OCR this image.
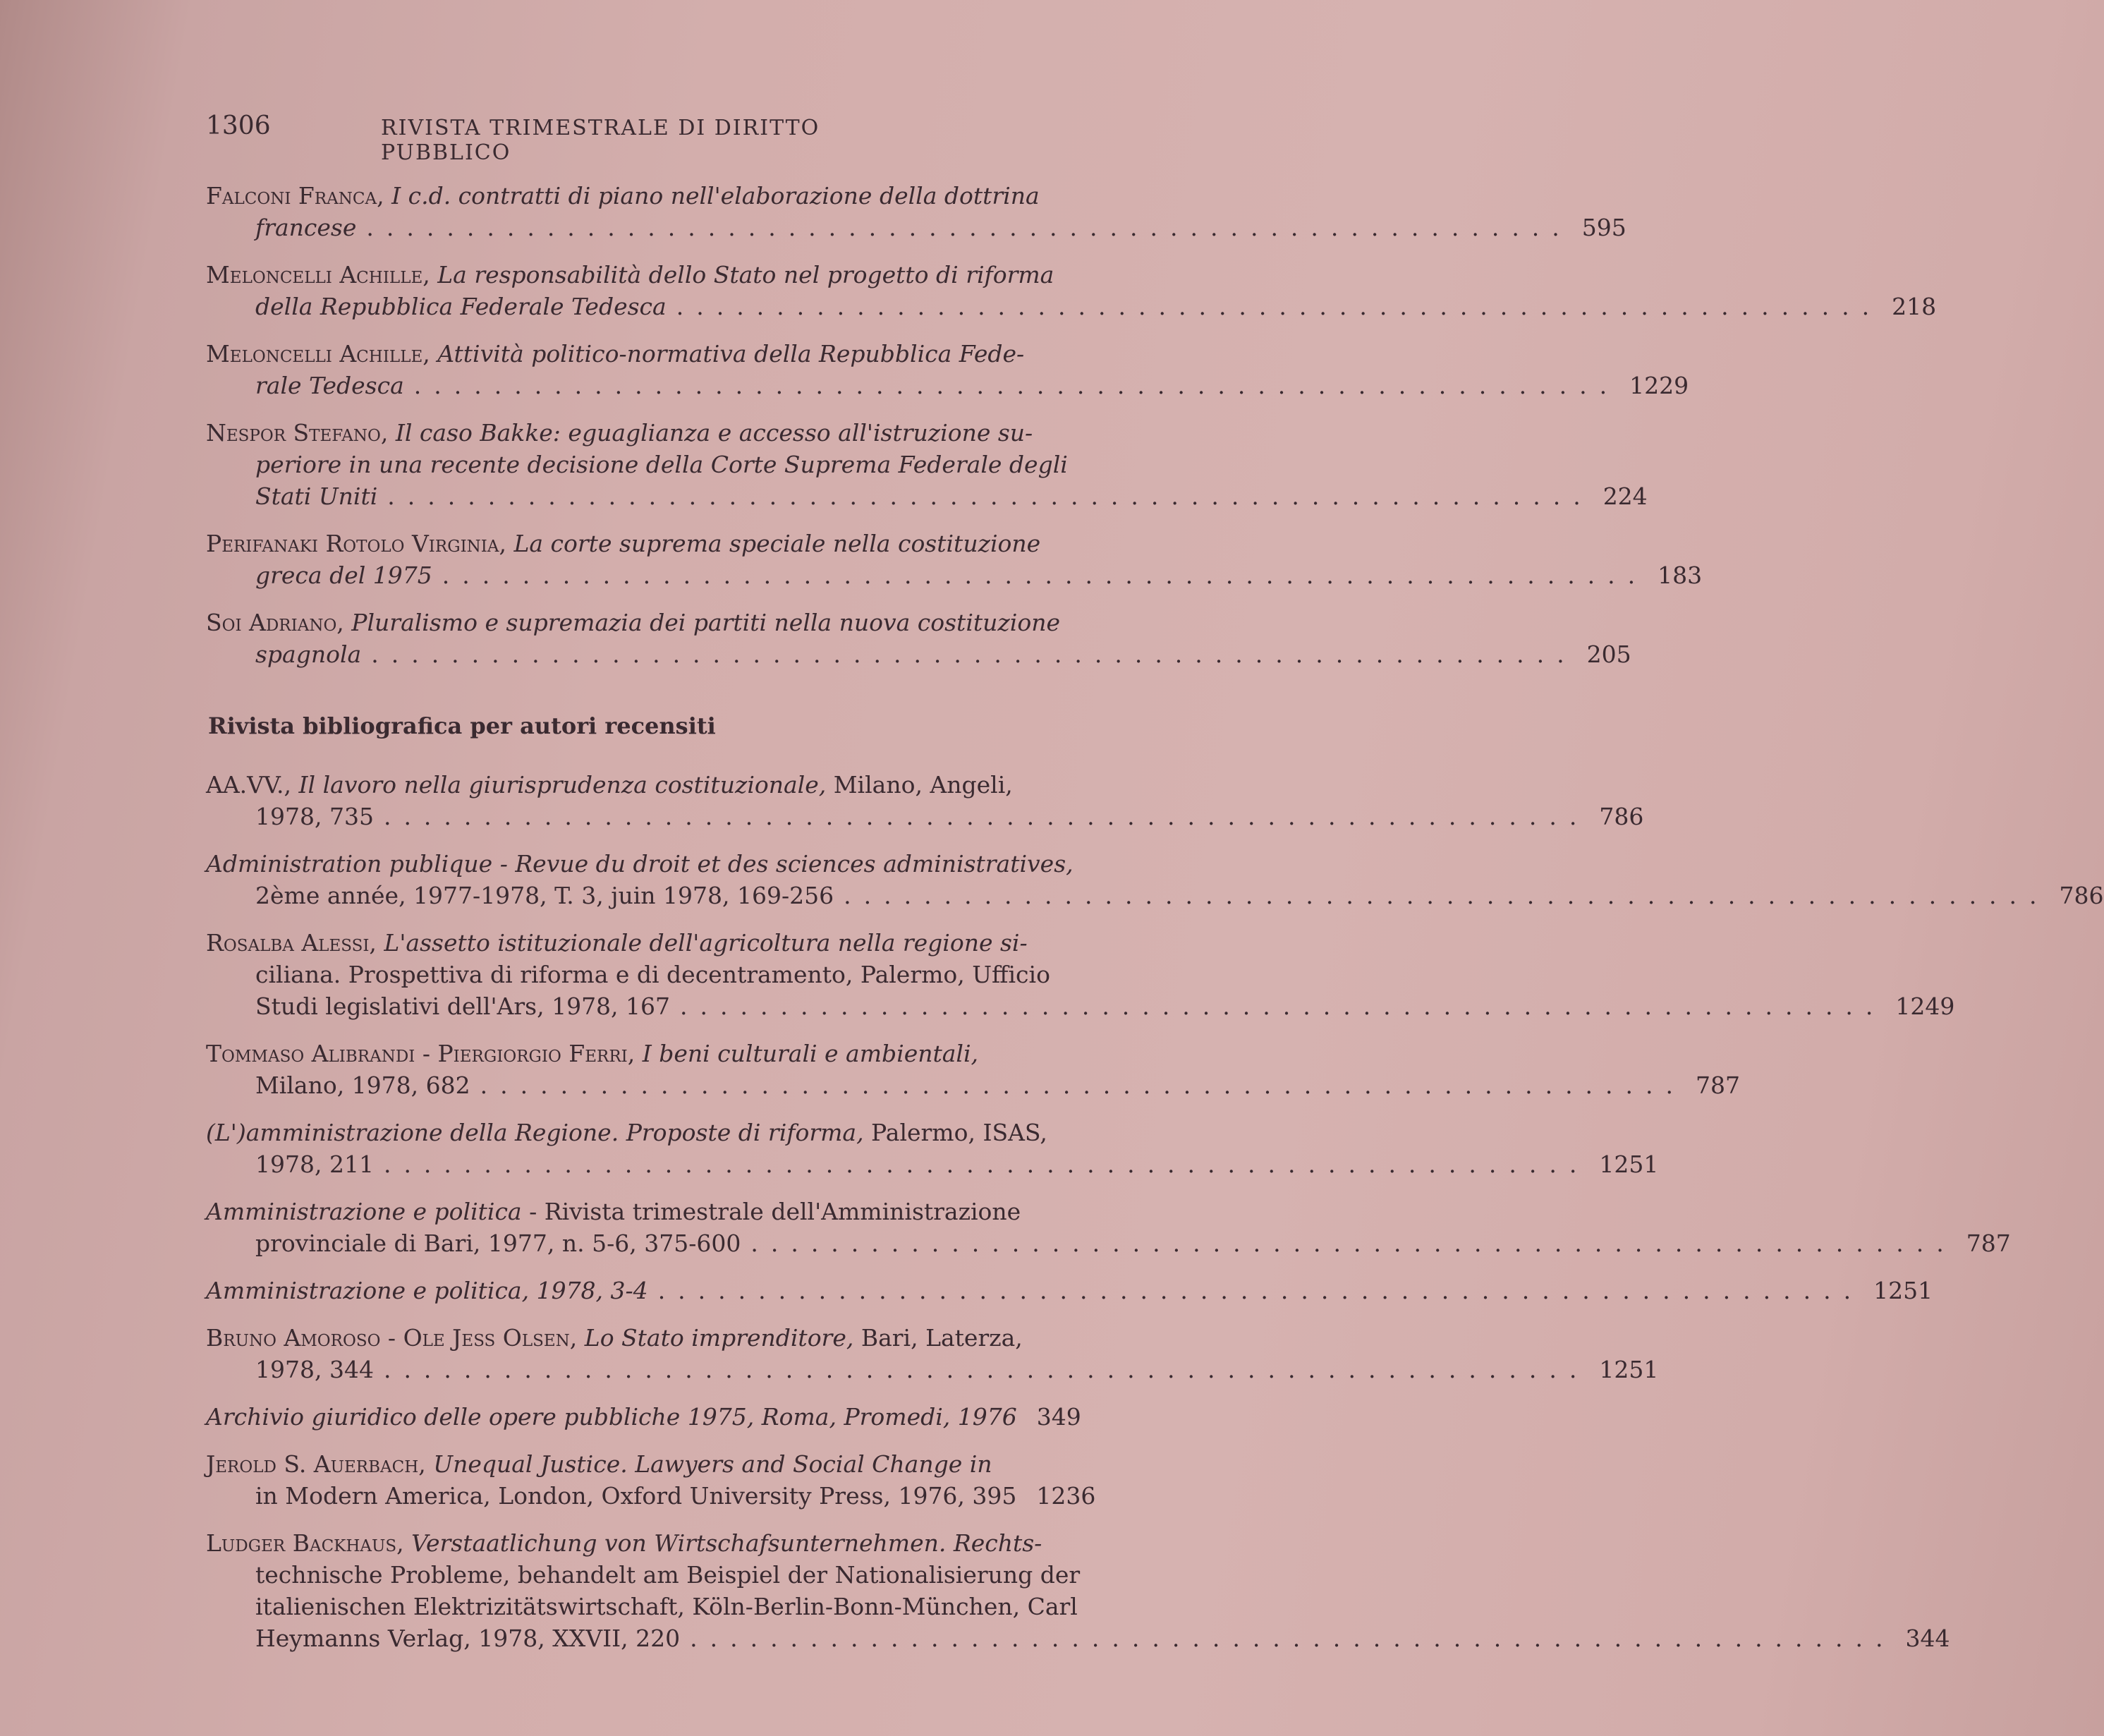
1306	RIVISTA TRIMESTRALE DI DIRITTO PUBBLICO
Falconi Franca, I c.d. contratti di piano nell'elaborazione della dottrina
francese ............................................................ 595
Meloncelli Achille, La responsabilità dello Stato nel progetto di riforma
della Repubblica Federale Tedesca ............................................................ 218
Meloncelli Achille, Attività politico-normativa della Repubblica Fede-
rale Tedesca ............................................................ 1229
Nespor Stefano, Il caso Bakke: eguaglianza e accesso all'istruzione su-
periore in una recente decisione della Corte Suprema Federale degli
Stati Uniti ............................................................ 224
Perifanaki Rotolo Virginia, La corte suprema speciale nella costituzione
greca del 1975 ............................................................ 183
Soi Adriano, Pluralismo e supremazia dei partiti nella nuova costituzione
spagnola ............................................................ 205
Rivista bibliografica per autori recensiti
AA.VV., Il lavoro nella giurisprudenza costituzionale, Milano, Angeli,
1978, 735 ............................................................ 786
Administration publique - Revue du droit et des sciences administratives,
2ème année, 1977-1978, T. 3, juin 1978, 169-256 ............................................................ 786
Rosalba Alessi, L'assetto istituzionale dell'agricoltura nella regione si-
ciliana. Prospettiva di riforma e di decentramento, Palermo, Ufficio
Studi legislativi dell'Ars, 1978, 167 ............................................................ 1249
Tommaso Alibrandi - Piergiorgio Ferri, I beni culturali e ambientali,
Milano, 1978, 682 ............................................................ 787
(L')amministrazione della Regione. Proposte di riforma, Palermo, ISAS,
1978, 211 ............................................................ 1251
Amministrazione e politica - Rivista trimestrale dell'Amministrazione
provinciale di Bari, 1977, n. 5-6, 375-600 ............................................................ 787
Amministrazione e politica, 1978, 3-4 ............................................................ 1251
Bruno Amoroso - Ole Jess Olsen, Lo Stato imprenditore, Bari, Laterza,
1978, 344 ............................................................ 1251
Archivio giuridico delle opere pubbliche 1975, Roma, Promedi, 1976 349
Jerold S. Auerbach, Unequal Justice. Lawyers and Social Change in
in Modern America, London, Oxford University Press, 1976, 395 1236
Ludger Backhaus, Verstaatlichung von Wirtschafsunternehmen. Rechts-
technische Probleme, behandelt am Beispiel der Nationalisierung der
italienischen Elektrizitätswirtschaft, Köln-Berlin-Bonn-München, Carl
Heymanns Verlag, 1978, XXVII, 220 ............................................................ 344
